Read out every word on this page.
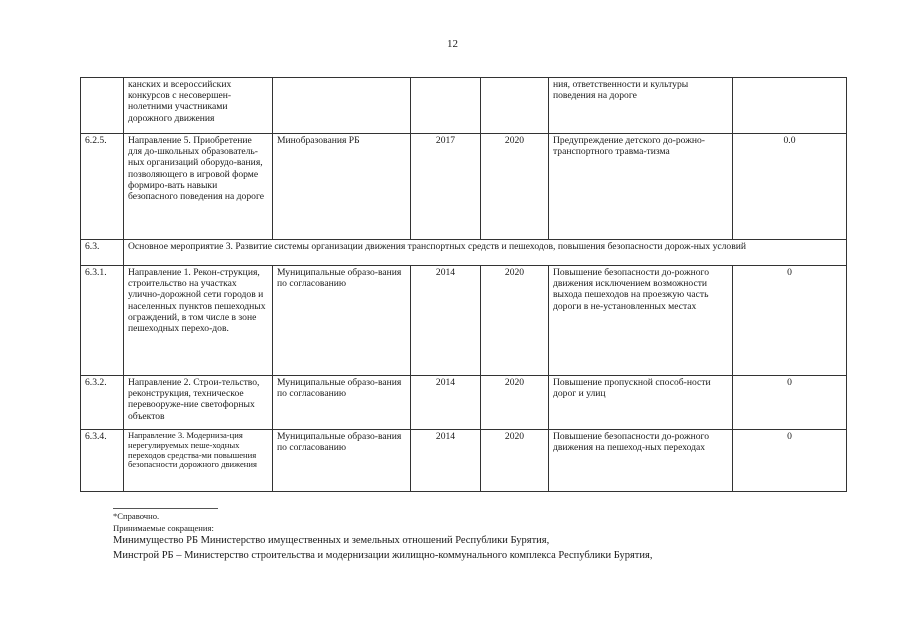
12
	канских и всероссийских конкурсов с несовершен-нолетними участниками дорожного движения				ния, ответственности и культуры поведения на дороге	
6.2.5.	Направление 5. Приобретение для до-школьных образователь-ных организаций оборудо-вания, позволяющего в игровой форме формиро-вать навыки безопасного поведения на дороге	Минобразования РБ	2017	2020	Предупреждение детского до-рожно-транспортного травма-тизма	0.0
6.3.	Основное мероприятие 3. Развитие системы организации движения транспортных средств и пешеходов, повышения безопасности дорож-ных условий					
6.3.1.	Направление 1. Рекон-струкция, строительство на участках улично-дорожной сети городов и населенных пунктов пешеходных ограждений, в том числе в зоне пешеходных перехо-дов.	Муниципальные образо-вания по согласованию	2014	2020	Повышение безопасности до-рожного движения исключением возможности выхода пешеходов на проезжую часть дороги в не-установленных местах	0
6.3.2.	Направление 2. Строи-тельство, реконструкция, техническое перевооруже-ние светофорных объектов	Муниципальные образо-вания по согласованию	2014	2020	Повышение пропускной способ-ности дорог и улиц	0
6.3.4.	Направление 3. Модерниза-ция нерегулируемых пеше-ходных переходов средства-ми повышения безопасности дорожного движения	Муниципальные образо-вания по согласованию	2014	2020	Повышение безопасности до-рожного движения на пешеход-ных переходах	0
*Справочно.
Принимаемые сокращения:
Минимущество РБ Министерство имущественных и земельных отношений Республики Бурятия,
Минстрой РБ – Министерство строительства и модернизации жилищно-коммунального комплекса Республики Бурятия,
